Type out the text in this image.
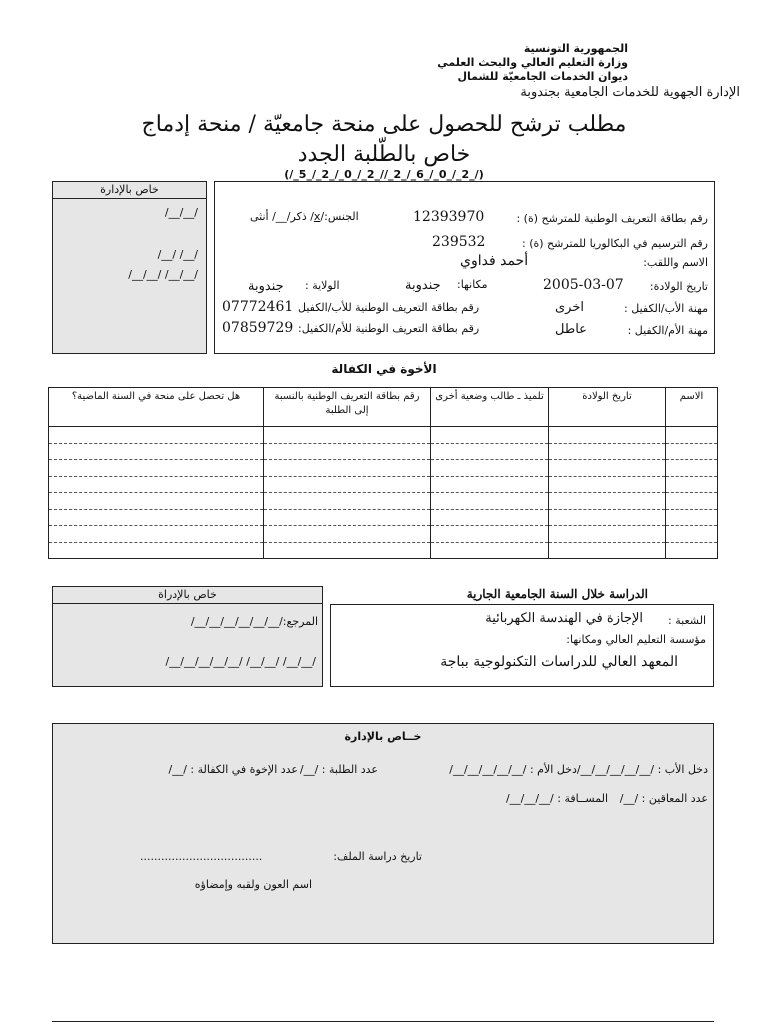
الجمهورية التونسية
وزارة التعليم العالي والبحث العلمي
ديوان الخدمات الجامعيّة للشمال
الإدارة الجهوية للخدمات الجامعية بجندوبة
مطلب ترشح للحصول على منحة جامعيّة / منحة إدماج
خاص بالطّلبة الجدد
(/_5_/_2_/_0_/_2_//_2_/_6_/_0_/_2_/)
خاص بالإدارة
/__/__/
/__/ /__/
/__/__/ /__/__/
رقم بطاقة التعريف الوطنية للمترشح (ة) :
12393970
الجنس:/x/ ذكر/__/ أنثى
رقم الترسيم في البكالوريا للمترشح (ة) :
239532
الاسم واللقب:
أحمد فداوي
تاريخ الولادة:
2005-03-07
مكانها:
جندوبة
الولاية :
جندوبة
مهنة الأب/الكفيل :
اخرى
رقم بطاقة التعريف الوطنية للأب/الكفيل
07772461
مهنة الأم/الكفيل :
عاطل
رقم بطاقة التعريف الوطنية للأم/الكفيل:
07859729
الأخوة في الكفالة
الاسم	تاريخ الولادة	تلميذ ـ طالب وضعية أخرى	رقم بطاقة التعريف الوطنية بالنسبة إلى الطلبة	هل تحصل على منحة في السنة الماضية؟

خاص بالإدراة
المرجع:/__/__/__/__/__/__/
/__/__/__/__/__/ /__/__/ /__/__/
الدراسة خلال السنة الجامعية الجارية
الشعبة :
الإجازة في الهندسة الكهربائية
مؤسسة التعليم العالي ومكانها:
المعهد العالي للدراسات التكنولوجية بباجة
خــاص بالإدارة
دخل الأب : /__/__/__/__/__/دخل الأم : /__/__/__/__/__/
عدد الطلبة : /__/
عدد الإخوة في الكفالة : /__/
عدد المعاقين : /__/
المســافة : /__/__/__/
تاريخ دراسة الملف:
...................................
اسم العون ولقبه وإمضاؤه
